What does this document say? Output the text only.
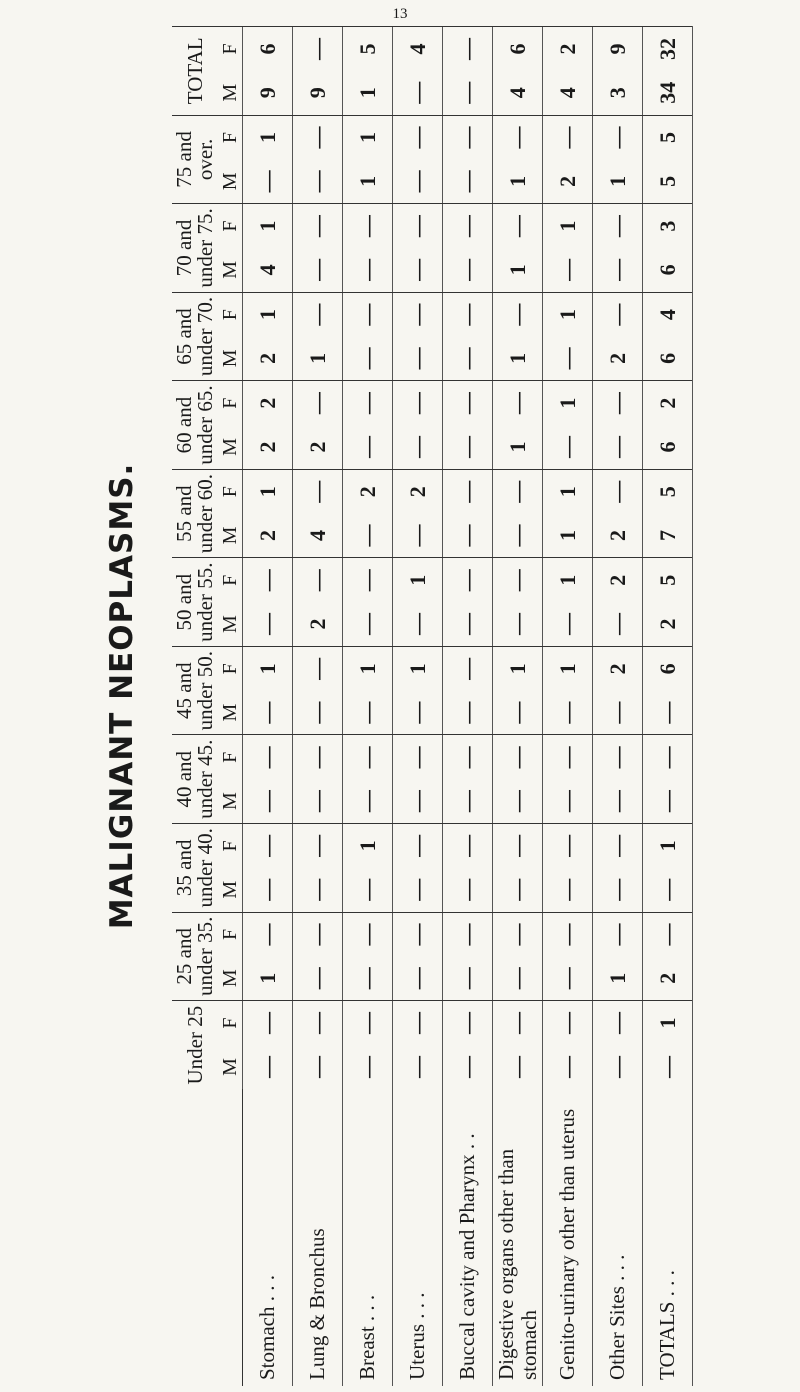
13
MALIGNANT NEOPLASMS.
	Under 25		25 and under 35.		35 and under 40.		40 and under 45.		45 and under 50.		50 and under 55.		55 and under 60.		60 and under 65.		65 and under 70.		70 and under 75.		75 and over.		TOTAL	
	M	F	M	F	M	F	M	F	M	F	M	F	M	F	M	F	M	F	M	F	M	F	M	F
Stomach . . .	—	—	1	—	—	—	—	—	—	1	—	—	2	1	2	2	2	1	4	1	—	1	9	6
Lung & Bronchus	—	—	—	—	—	—	—	—	—	—	2	—	4	—	2	—	1	—	—	—	—	—	9	—
Breast . . .	—	—	—	—	—	1	—	—	—	1	—	—	—	2	—	—	—	—	—	—	1	1	1	5
Uterus . . .	—	—	—	—	—	—	—	—	—	1	—	1	—	2	—	—	—	—	—	—	—	—	—	4
Buccal cavity and Pharynx . .	—	—	—	—	—	—	—	—	—	—	—	—	—	—	—	—	—	—	—	—	—	—	—	—
Digestive organs other than stomach	—	—	—	—	—	—	—	—	—	1	—	—	—	—	1	—	1	—	1	—	1	—	4	6
Genito-urinary other than uterus	—	—	—	—	—	—	—	—	—	1	—	1	1	1	—	1	—	1	—	1	2	—	4	2
Other Sites . . .	—	—	1	—	—	—	—	—	—	2	—	2	2	—	—	—	2	—	—	—	1	—	3	9
TOTALS . . .	—	1	2	—	—	1	—	—	—	6	2	5	7	5	6	2	6	4	6	3	5	5	34	32
